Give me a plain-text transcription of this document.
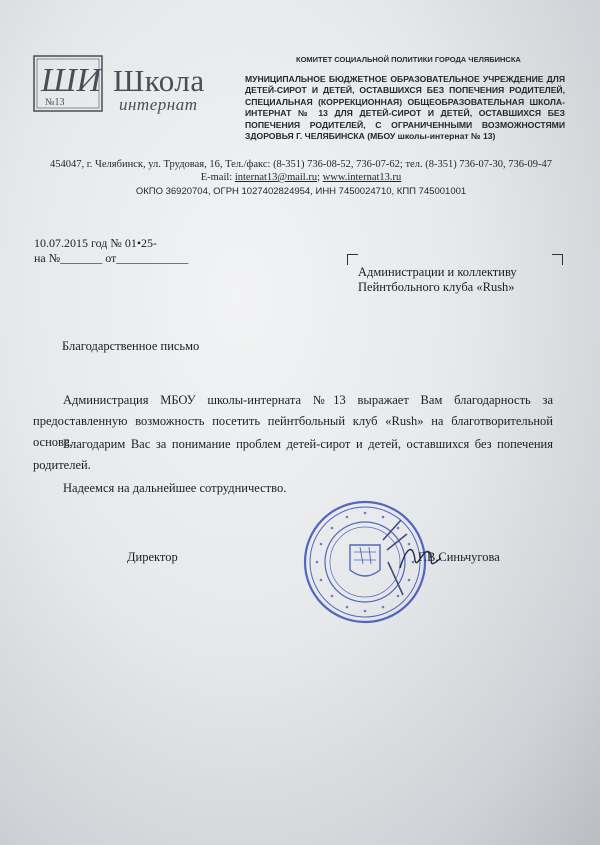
ШИ
№13
Школа
интернат
КОМИТЕТ СОЦИАЛЬНОЙ ПОЛИТИКИ ГОРОДА ЧЕЛЯБИНСКА
МУНИЦИПАЛЬНОЕ БЮДЖЕТНОЕ ОБРАЗОВАТЕЛЬНОЕ УЧРЕЖДЕНИЕ ДЛЯ ДЕТЕЙ-СИРОТ И ДЕТЕЙ, ОСТАВШИХСЯ БЕЗ ПОПЕЧЕНИЯ РОДИТЕЛЕЙ, СПЕЦИАЛЬНАЯ (КОРРЕКЦИОННАЯ) ОБЩЕОБРАЗОВАТЕЛЬНАЯ ШКОЛА-ИНТЕРНАТ № 13 ДЛЯ ДЕТЕЙ-СИРОТ И ДЕТЕЙ, ОСТАВШИХСЯ БЕЗ ПОПЕЧЕНИЯ РОДИТЕЛЕЙ, С ОГРАНИЧЕННЫМИ ВОЗМОЖНОСТЯМИ ЗДОРОВЬЯ Г. ЧЕЛЯБИНСКА (МБОУ школы-интернат № 13)
454047, г. Челябинск, ул. Трудовая, 16, Тел./факс: (8-351) 736-08-52, 736-07-62; тел. (8-351) 736-07-30, 736-09-47
E-mail: internat13@mail.ru; www.internat13.ru
ОКПО 36920704, ОГРН 1027402824954, ИНН 7450024710, КПП 745001001
10.07.2015 год № 01•25-
на №_______ от____________
Администрации и коллективу
Пейнтбольного клуба «Rush»
Благодарственное письмо
Администрация МБОУ школы-интерната №13 выражает Вам благодарность за предоставленную возможность посетить пейнтбольный клуб «Rush» на благотворительной основе.
Благодарим Вас за понимание проблем детей-сирот и детей, оставшихся без попечения родителей.
Надеемся на дальнейшее сотрудничество.
Директор	Г.В.Синьчугова
